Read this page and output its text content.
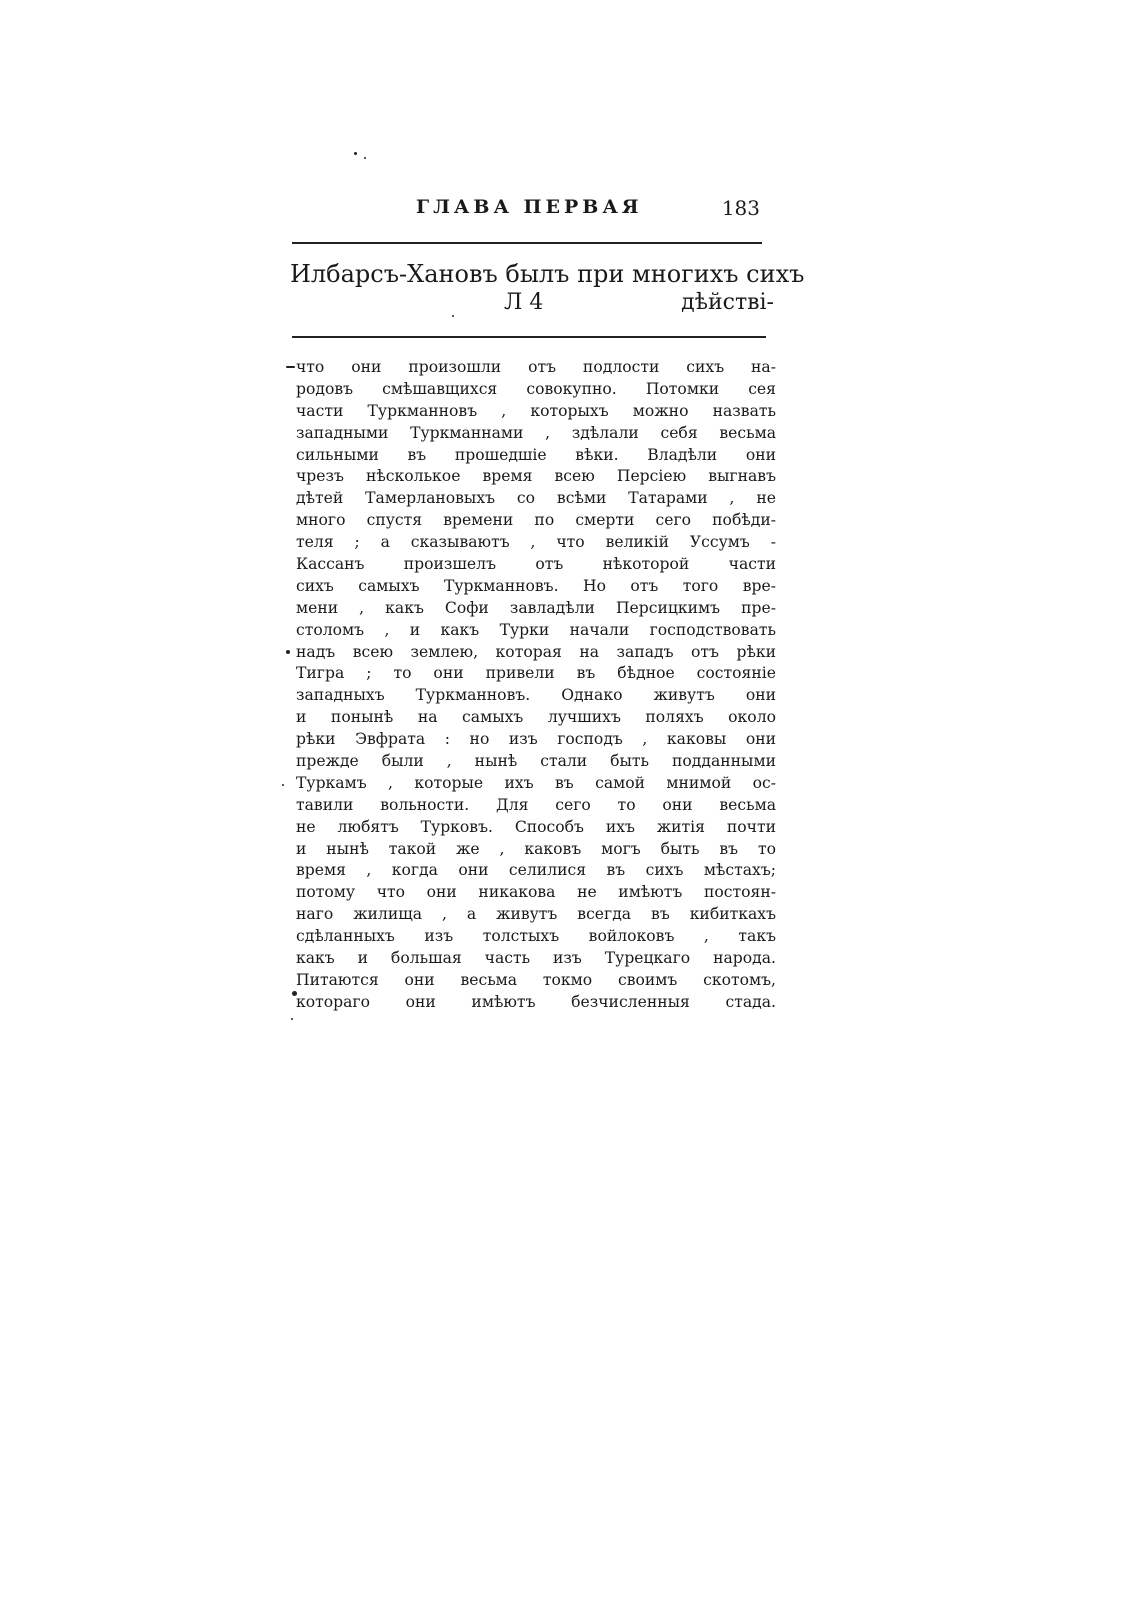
ГЛАВА ПЕРВАЯ	183
Илбарсъ-Хановъ былъ при многихъ сихъ
Л 4	дѣйствi-
что они произошли отъ подлости сихъ на-
родовъ смѣшавщихся совокупно. Потомки сея
части Туркманновъ , которыхъ можно назвать
западными Туркманнами , здѣлали себя весьма
сильными въ прошедшiе вѣки. Владѣли они
чрезъ нѣсколькое время всею Персiею выгнавъ
дѣтей Тамерлановыхъ со всѣми Татарами , не
много спустя времени по смерти сего побѣди-
теля ; а сказываютъ , что великiй Уссумъ -
Кассанъ произшелъ отъ нѣкоторой части
сихъ самыхъ Туркманновъ. Но отъ того вре-
мени , какъ Софи завладѣли Персицкимъ пре-
столомъ , и какъ Турки начали господствовать
надъ всею землею, которая на западъ отъ рѣки
Тигра ; то они привели въ бѣдное состоянiе
западныхъ Туркманновъ. Однако живутъ они
и понынѣ на самыхъ лучшихъ поляхъ около
рѣки Эвфрата : но изъ господъ , каковы они
прежде были , нынѣ стали быть подданными
Туркамъ , которые ихъ въ самой мнимой ос-
тавили вольности. Для сего то они весьма
не любятъ Турковъ. Способъ ихъ житiя почти
и нынѣ такой же , каковъ могъ быть въ то
время , когда они селилися въ сихъ мѣстахъ;
потому что они никакова не имѣютъ постоян-
наго жилища , а живутъ всегда въ кибиткахъ
сдѣланныхъ изъ толстыхъ войлоковъ , такъ
какъ и большая часть изъ Турецкаго народа.
Питаются они весьма токмо своимъ скотомъ,
котораго они имѣютъ безчисленныя стада.
